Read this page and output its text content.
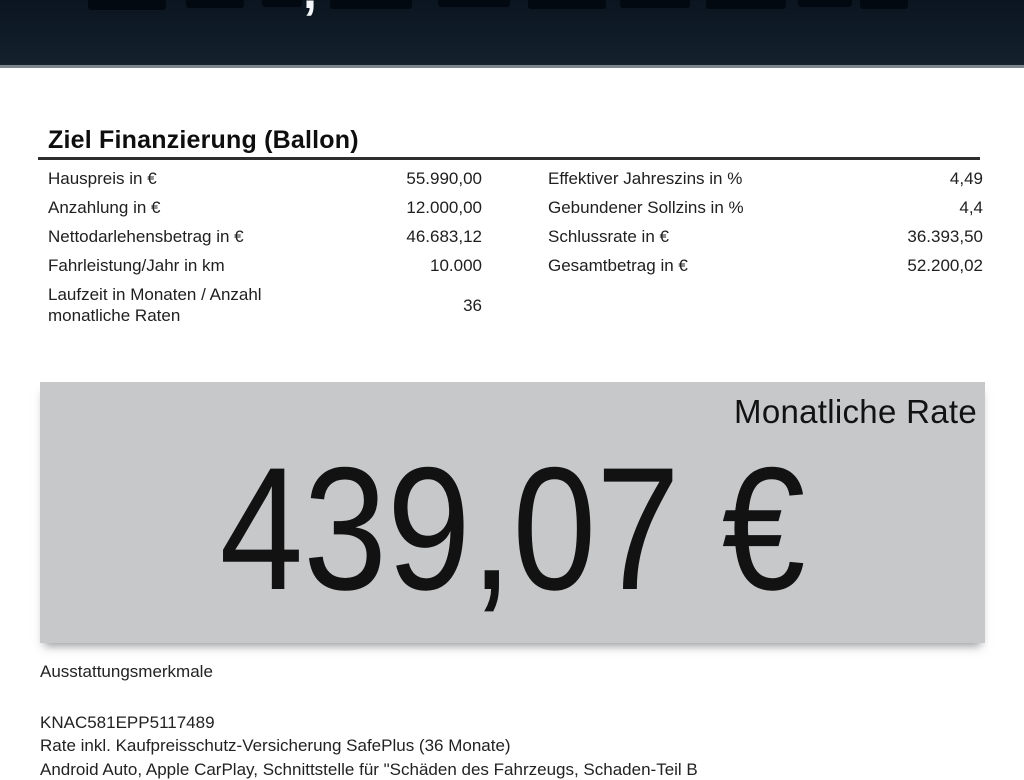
Ziel Finanzierung (Ballon)
Hauspreis in €	55.990,00
Anzahlung in €	12.000,00
Nettodarlehensbetrag in €	46.683,12
Fahrleistung/Jahr in km	10.000
Laufzeit in Monaten / Anzahl monatliche Raten
36
Effektiver Jahreszins in %	4,49
Gebundener Sollzins in %	4,4
Schlussrate in €	36.393,50
Gesamtbetrag in €	52.200,02
Monatliche Rate
439,07 €
Ausstattungsmerkmale
KNAC581EPP5117489
Rate inkl. Kaufpreisschutz-Versicherung SafePlus (36 Monate)
Android Auto, Apple CarPlay, Schnittstelle für "Schäden des Fahrzeugs, Schaden-Teil B
